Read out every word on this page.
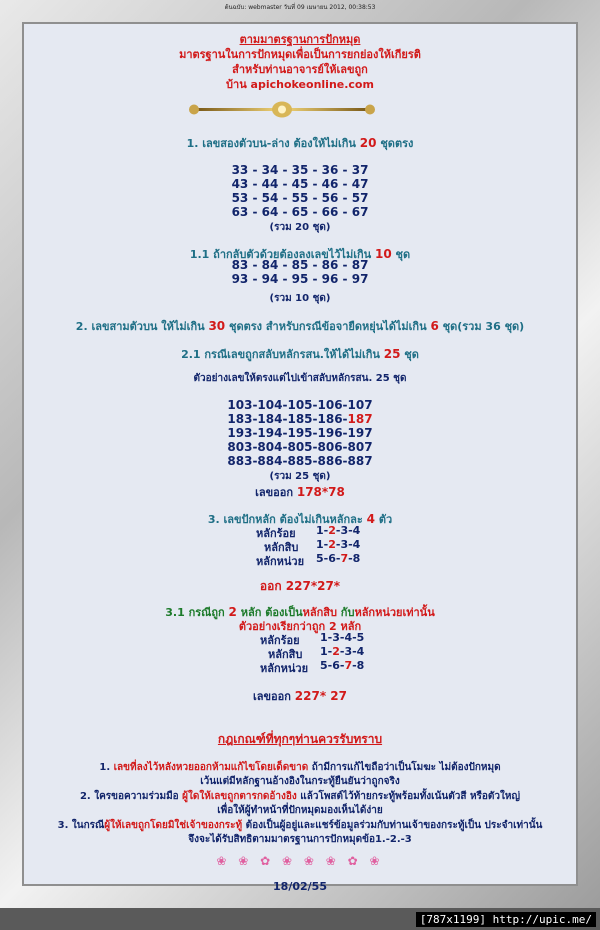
ต้นฉบับ: webmaster วันที่ 09 เมษายน 2012, 00:38:53
ตามมาตรฐานการปักหมุด
มาตรฐานในการปักหมุดเพื่อเป็นการยกย่องให้เกียรติ
สำหรับท่านอาจารย์ให้เลขถูก
บ้าน apichokeonline.com
1. เลขสองตัวบน-ล่าง ต้องให้ไม่เกิน 20 ชุดตรง
33 - 34 - 35 - 36 - 37
43 - 44 - 45 - 46 - 47
53 - 54 - 55 - 56 - 57
63 - 64 - 65 - 66 - 67
(รวม 20 ชุด)
1.1 ถ้ากลับตัวด้วยต้องลงเลขไว้ไม่เกิน 10 ชุด
83 - 84 - 85 - 86 - 87
93 - 94 - 95 - 96 - 97
(รวม 10 ชุด)
2. เลขสามตัวบน ให้ไม่เกิน 30 ชุดตรง สำหรับกรณีข้อจายืดหยุ่นได้ไม่เกิน 6 ชุด(รวม 36 ชุด)
2.1 กรณีเลขถูกสลับหลักรสน.ให้ได้ไม่เกิน 25 ชุด
ตัวอย่างเลขให้ตรงแต่ไปเข้าสลับหลักรสน. 25 ชุด
103-104-105-106-107
183-184-185-186-187
193-194-195-196-197
803-804-805-806-807
883-884-885-886-887
(รวม 25 ชุด)
เลขออก 178*78
3. เลขปักหลัก ต้องไม่เกินหลักละ 4 ตัว
หลักร้อย 1-2-3-4
หลักสิบ 1-2-3-4
หลักหน่วย 5-6-7-8
ออก 227*27*
3.1 กรณีถูก 2 หลัก ต้องเป็นหลักสิบ กับหลักหน่วยเท่านั้น
ตัวอย่างเรียกว่าถูก 2 หลัก
หลักร้อย 1-3-4-5
หลักสิบ 1-2-3-4
หลักหน่วย 5-6-7-8
เลขออก 227* 27
กฎเกณฑ์ที่ทุกๆท่านควรรับทราบ
1. เลขที่ลงไว้หลังหวยออกห้ามแก้ไขโดยเด็ดขาด ถ้ามีการแก้ไขถือว่าเป็นโมฆะ ไม่ต้องปักหมุด
เว้นแต่มีหลักฐานอ้างอิงในกระทู้ยืนยันว่าถูกจริง
2. ใครขอความร่วมมือ ผู้ใดให้เลขถูกตารกดอ้างอิง แล้วโพสต์ไว้ท้ายกระทู้พร้อมทั้งเน้นตัวสี หรือตัวใหญ่
เพื่อให้ผู้ทำหน้าที่ปักหมุดมองเห็นได้ง่าย
3. ในกรณีผู้ให้เลขถูกโดยมิใช่เจ้าของกระทู้ ต้องเป็นผู้อยู่และแชร์ข้อมูลร่วมกับท่านเจ้าของกระทู้เป็น ประจำเท่านั้น
จึงจะได้รับสิทธิตามมาตรฐานการปักหมุดข้อ1.-2.-3
❀ ❀ ✿ ❀ ❀ ❀ ✿ ❀
18/02/55
[787x1199] http://upic.me/
